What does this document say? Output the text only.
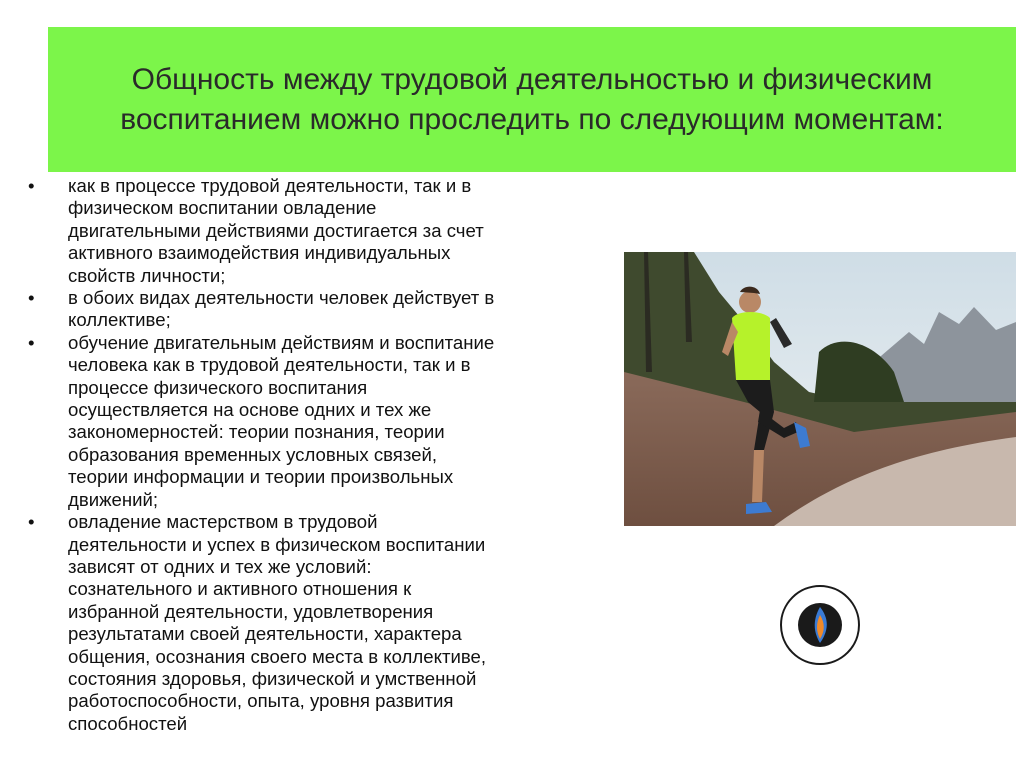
Общность между трудовой деятельностью и физическим
воспитанием можно проследить по следующим моментам:
• как в процессе трудовой деятельности, так и в
физическом воспитании овладение
двигательными действиями достигается за счет
активного взаимодействия индивидуальных
свойств личности;
• в обоих видах деятельности человек действует в
коллективе;
• обучение двигательным действиям и воспитание
человека как в трудовой деятельности, так и в
процессе физического воспитания
осуществляется на основе одних и тех же
закономерностей: теории познания, теории
образования временных условных связей,
теории информации и теории произвольных
движений;
• овладение мастерством в трудовой
деятельности и успех в физическом воспитании
зависят от одних и тех же условий:
сознательного и активного отношения к
избранной деятельности, удовлетворения
результатами своей деятельности, характера
общения, осознания своего места в коллективе,
состояния здоровья, физической и умственной
работоспособности, опыта, уровня развития
способностей
